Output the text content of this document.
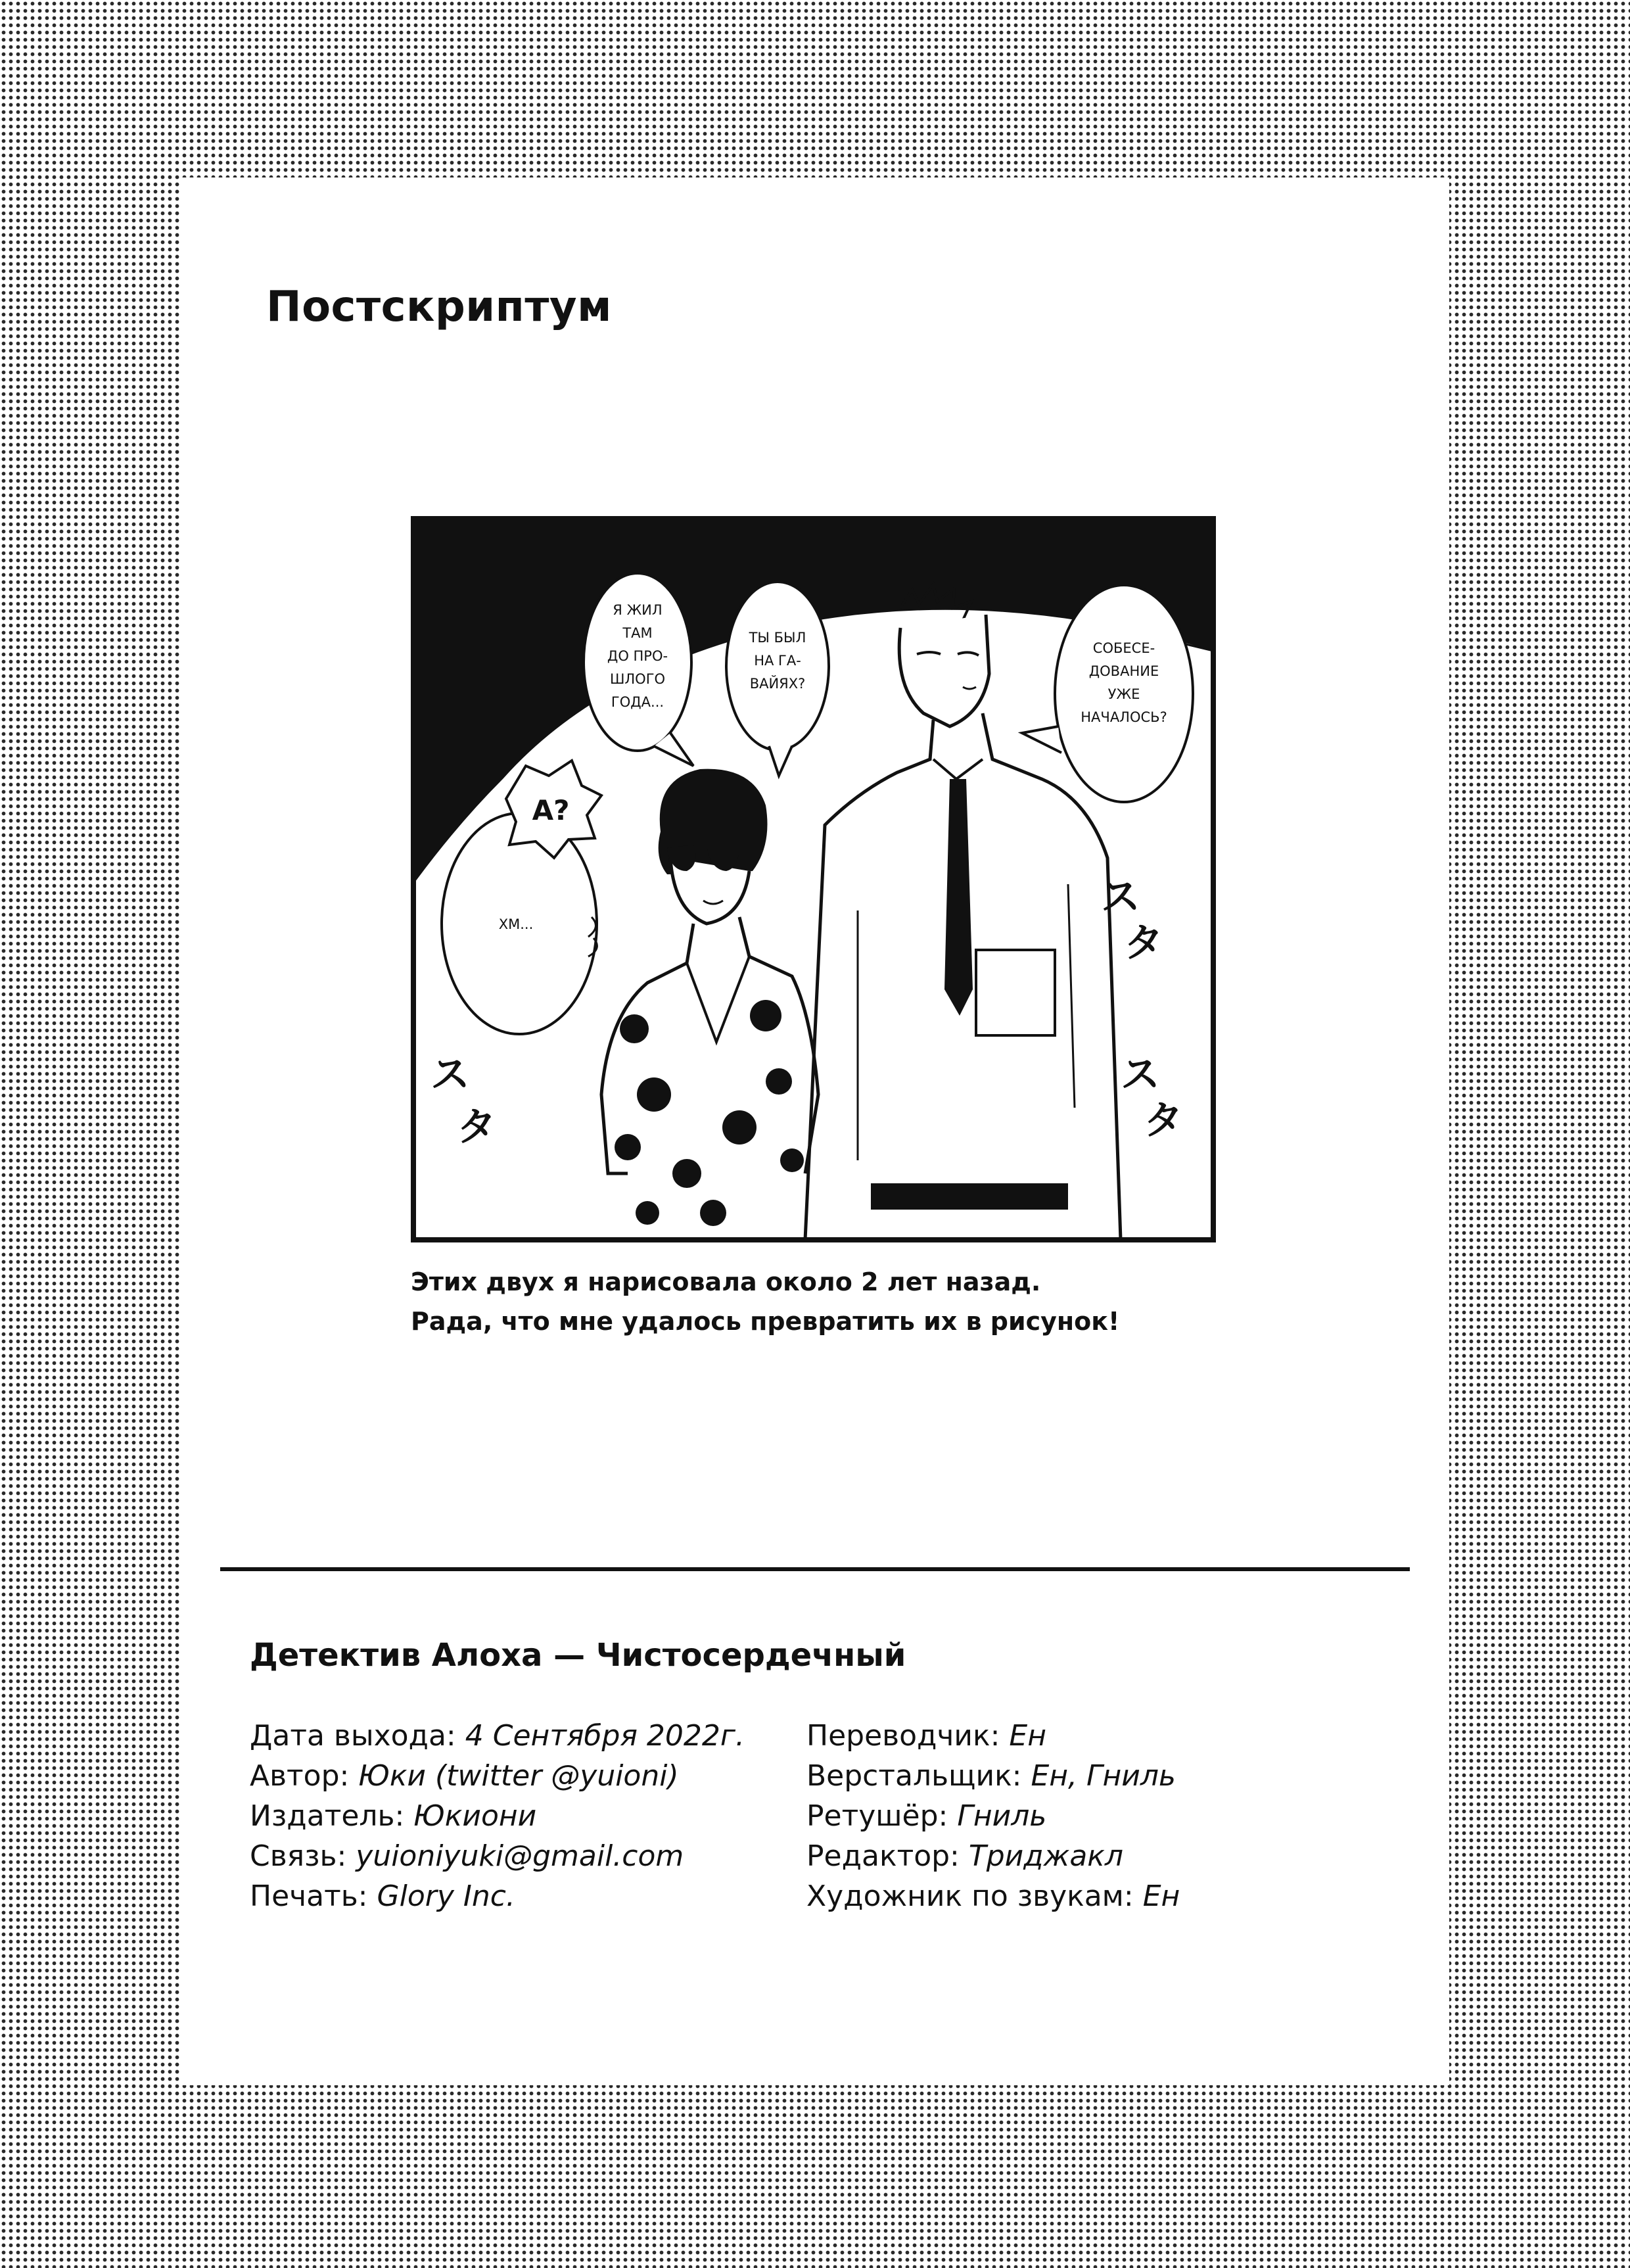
Постскриптум
Я ЖИЛ
ТАМ
ДО ПРО-
ШЛОГО
ГОДА...
ТЫ БЫЛ
НА ГА-
ВАЙЯХ?
СОБЕСЕ-
ДОВАНИЕ
УЖЕ
НАЧАЛОСЬ?
ХМ...
А?
ス
タ
ス
タ
ス
タ
Этих двух я нарисовала около 2 лет назад.
Рада, что мне удалось превратить их в рисунок!
Детектив Алоха — Чистосердечный
Дата выхода: 4 Сентября 2022г.
Автор: Юки (twitter @yuioni)
Издатель: Юкиони
Связь: yuioniyuki@gmail.com
Печать: Glory Inc.
Переводчик: Ен
Верстальщик: Ен, Гниль
Ретушёр: Гниль
Редактор: Триджакл
Художник по звукам: Ен
